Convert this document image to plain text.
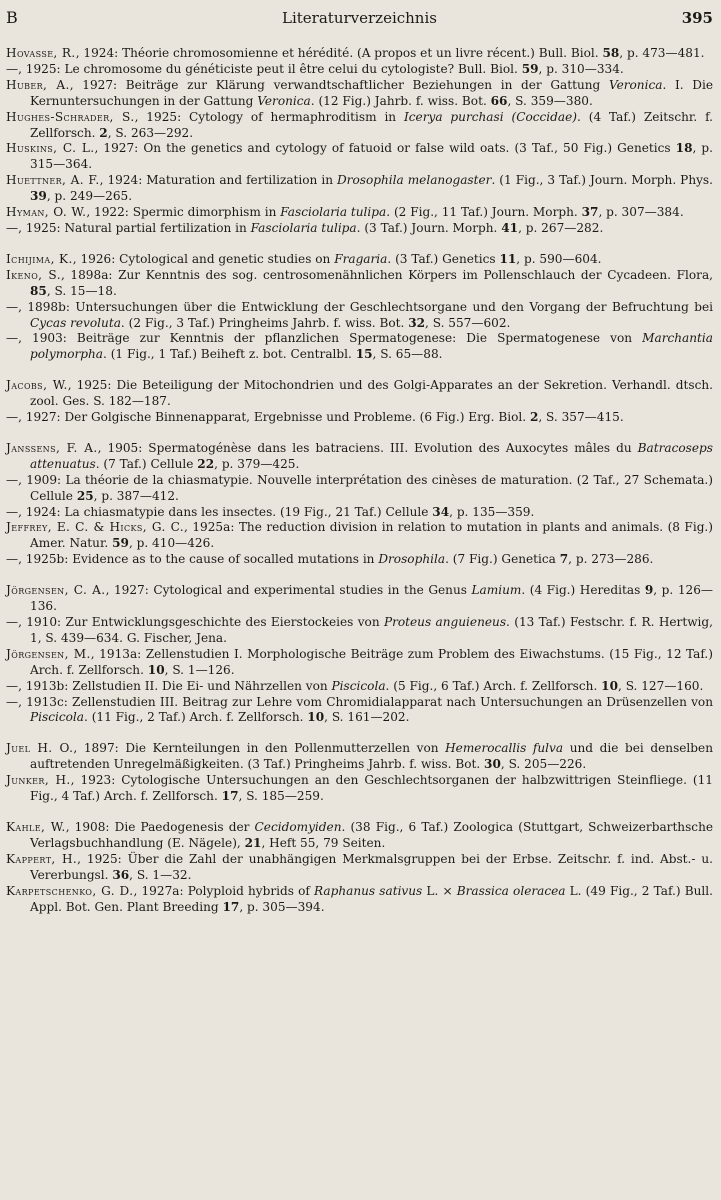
B	Literaturverzeichnis	395
Hovasse, R., 1924: Théorie chromosomienne et hérédité. (A propos et un livre récent.) Bull. Biol. 58, p. 473—481.
—, 1925: Le chromosome du généticiste peut il être celui du cytologiste? Bull. Biol. 59, p. 310—334.
Huber, A., 1927: Beiträge zur Klärung verwandtschaftlicher Beziehungen in der Gattung Veronica. I. Die Kernuntersuchungen in der Gattung Veronica. (12 Fig.) Jahrb. f. wiss. Bot. 66, S. 359—380.
Hughes-Schrader, S., 1925: Cytology of hermaphroditism in Icerya purchasi (Coccidae). (4 Taf.) Zeitschr. f. Zellforsch. 2, S. 263—292.
Huskins, C. L., 1927: On the genetics and cytology of fatuoid or false wild oats. (3 Taf., 50 Fig.) Genetics 18, p. 315—364.
Huettner, A. F., 1924: Maturation and fertilization in Drosophila melanogaster. (1 Fig., 3 Taf.) Journ. Morph. Phys. 39, p. 249—265.
Hyman, O. W., 1922: Spermic dimorphism in Fasciolaria tulipa. (2 Fig., 11 Taf.) Journ. Morph. 37, p. 307—384.
—, 1925: Natural partial fertilization in Fasciolaria tulipa. (3 Taf.) Journ. Morph. 41, p. 267—282.
Ichijima, K., 1926: Cytological and genetic studies on Fragaria. (3 Taf.) Genetics 11, p. 590—604.
Ikeno, S., 1898a: Zur Kenntnis des sog. centrosomenähnlichen Körpers im Pollenschlauch der Cycadeen. Flora, 85, S. 15—18.
—, 1898b: Untersuchungen über die Entwicklung der Geschlechtsorgane und den Vorgang der Befruchtung bei Cycas revoluta. (2 Fig., 3 Taf.) Pringheims Jahrb. f. wiss. Bot. 32, S. 557—602.
—, 1903: Beiträge zur Kenntnis der pflanzlichen Spermatogenese: Die Spermatogenese von Marchantia polymorpha. (1 Fig., 1 Taf.) Beiheft z. bot. Centralbl. 15, S. 65—88.
Jacobs, W., 1925: Die Beteiligung der Mitochondrien und des Golgi-Apparates an der Sekretion. Verhandl. dtsch. zool. Ges. S. 182—187.
—, 1927: Der Golgische Binnenapparat, Ergebnisse und Probleme. (6 Fig.) Erg. Biol. 2, S. 357—415.
Janssens, F. A., 1905: Spermatogénèse dans les batraciens. III. Evolution des Auxocytes mâles du Batracoseps attenuatus. (7 Taf.) Cellule 22, p. 379—425.
—, 1909: La théorie de la chiasmatypie. Nouvelle interprétation des cinèses de maturation. (2 Taf., 27 Schemata.) Cellule 25, p. 387—412.
—, 1924: La chiasmatypie dans les insectes. (19 Fig., 21 Taf.) Cellule 34, p. 135—359.
Jeffrey, E. C. & Hicks, G. C., 1925a: The reduction division in relation to mutation in plants and animals. (8 Fig.) Amer. Natur. 59, p. 410—426.
—, 1925b: Evidence as to the cause of socalled mutations in Drosophila. (7 Fig.) Genetica 7, p. 273—286.
Jörgensen, C. A., 1927: Cytological and experimental studies in the Genus Lamium. (4 Fig.) Hereditas 9, p. 126—136.
—, 1910: Zur Entwicklungsgeschichte des Eierstockeies von Proteus anguieneus. (13 Taf.) Festschr. f. R. Hertwig, 1, S. 439—634. G. Fischer, Jena.
Jörgensen, M., 1913a: Zellenstudien I. Morphologische Beiträge zum Problem des Eiwachstums. (15 Fig., 12 Taf.) Arch. f. Zellforsch. 10, S. 1—126.
—, 1913b: Zellstudien II. Die Ei- und Nährzellen von Piscicola. (5 Fig., 6 Taf.) Arch. f. Zellforsch. 10, S. 127—160.
—, 1913c: Zellenstudien III. Beitrag zur Lehre vom Chromidialapparat nach Untersuchungen an Drüsenzellen von Piscicola. (11 Fig., 2 Taf.) Arch. f. Zellforsch. 10, S. 161—202.
Juel H. O., 1897: Die Kernteilungen in den Pollenmutterzellen von Hemerocallis fulva und die bei denselben auftretenden Unregelmäßigkeiten. (3 Taf.) Pringheims Jahrb. f. wiss. Bot. 30, S. 205—226.
Junker, H., 1923: Cytologische Untersuchungen an den Geschlechtsorganen der halbzwittrigen Steinfliege. (11 Fig., 4 Taf.) Arch. f. Zellforsch. 17, S. 185—259.
Kahle, W., 1908: Die Paedogenesis der Cecidomyiden. (38 Fig., 6 Taf.) Zoologica (Stuttgart, Schweizerbarthsche Verlagsbuchhandlung (E. Nägele), 21, Heft 55, 79 Seiten.
Kappert, H., 1925: Über die Zahl der unabhängigen Merkmalsgruppen bei der Erbse. Zeitschr. f. ind. Abst.- u. Vererbungsl. 36, S. 1—32.
Karpetschenko, G. D., 1927a: Polyploid hybrids of Raphanus sativus L. × Brassica oleracea L. (49 Fig., 2 Taf.) Bull. Appl. Bot. Gen. Plant Breeding 17, p. 305—394.
